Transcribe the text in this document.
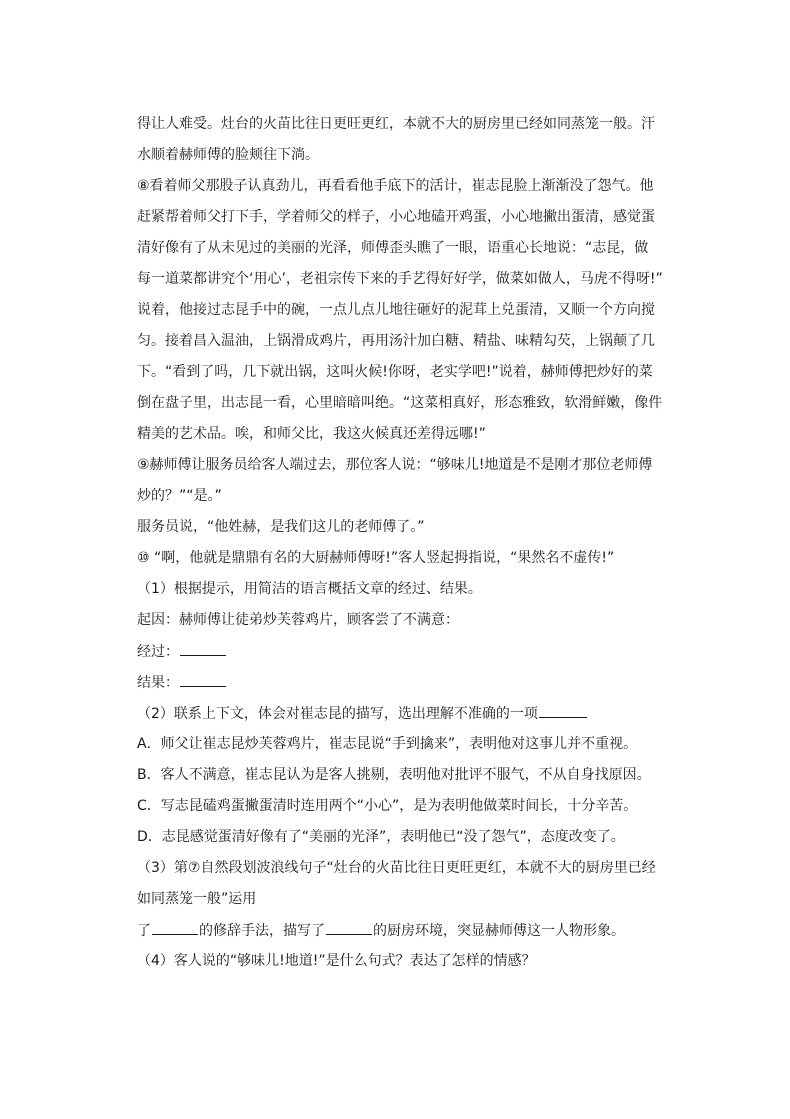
得让人难受。灶台的火苗比往日更旺更红，本就不大的厨房里已经如同蒸笼一般。汗
水顺着赫师傅的脸颊往下淌。
⑧看着师父那股子认真劲儿，再看看他手底下的活计，崔志昆脸上渐渐没了怨气。他
赶紧帮着师父打下手，学着师父的样子，小心地磕开鸡蛋，小心地撇出蛋清，感觉蛋
清好像有了从未见过的美丽的光泽，师傅歪头瞧了一眼，语重心长地说：“志昆，做
每一道菜都讲究个‘用心’，老祖宗传下来的手艺得好好学，做菜如做人，马虎不得呀!”
说着，他接过志昆手中的碗，一点儿点儿地往砸好的泥茸上兑蛋清，又顺一个方向搅
匀。接着昌入温油，上锅滑成鸡片，再用汤汁加白糖、精盐、味精勾芡，上锅颠了几
下。“看到了吗，几下就出锅，这叫火候!你呀，老实学吧!”说着，赫师傅把炒好的菜
倒在盘子里，出志昆一看，心里暗暗叫绝。“这菜相真好，形态雅致，软滑鲜嫩，像件
精美的艺术品。唉，和师父比，我这火候真还差得远哪!”
⑨赫师傅让服务员给客人端过去，那位客人说：“够味儿!地道是不是刚才那位老师傅
炒的？”“是。”
服务员说，“他姓赫，是我们这儿的老师傅了。”
⑩ “啊，他就是鼎鼎有名的大厨赫师傅呀!”客人竖起拇指说，“果然名不虚传!”
（1）根据提示，用简洁的语言概括文章的经过、结果。
起因：赫师傅让徒弟炒芙蓉鸡片，顾客尝了不满意：
经过：
结果：
（2）联系上下文，体会对崔志昆的描写，选出理解不准确的一项
A．师父让崔志昆炒芙蓉鸡片，崔志昆说“手到擒来”，表明他对这事儿并不重视。
B．客人不满意，崔志昆认为是客人挑剔，表明他对批评不服气，不从自身找原因。
C．写志昆磕鸡蛋撇蛋清时连用两个“小心”，是为表明他做菜时间长，十分辛苦。
D．志昆感觉蛋清好像有了“美丽的光泽”，表明他已“没了怨气”，态度改变了。
（3）第⑦自然段划波浪线句子“灶台的火苗比往日更旺更红，本就不大的厨房里已经
如同蒸笼一般”运用
了	的修辞手法，描写了	的厨房环境，突显赫师傅这一人物形象。
（4）客人说的“够味儿!地道!”是什么句式？表达了怎样的情感？
